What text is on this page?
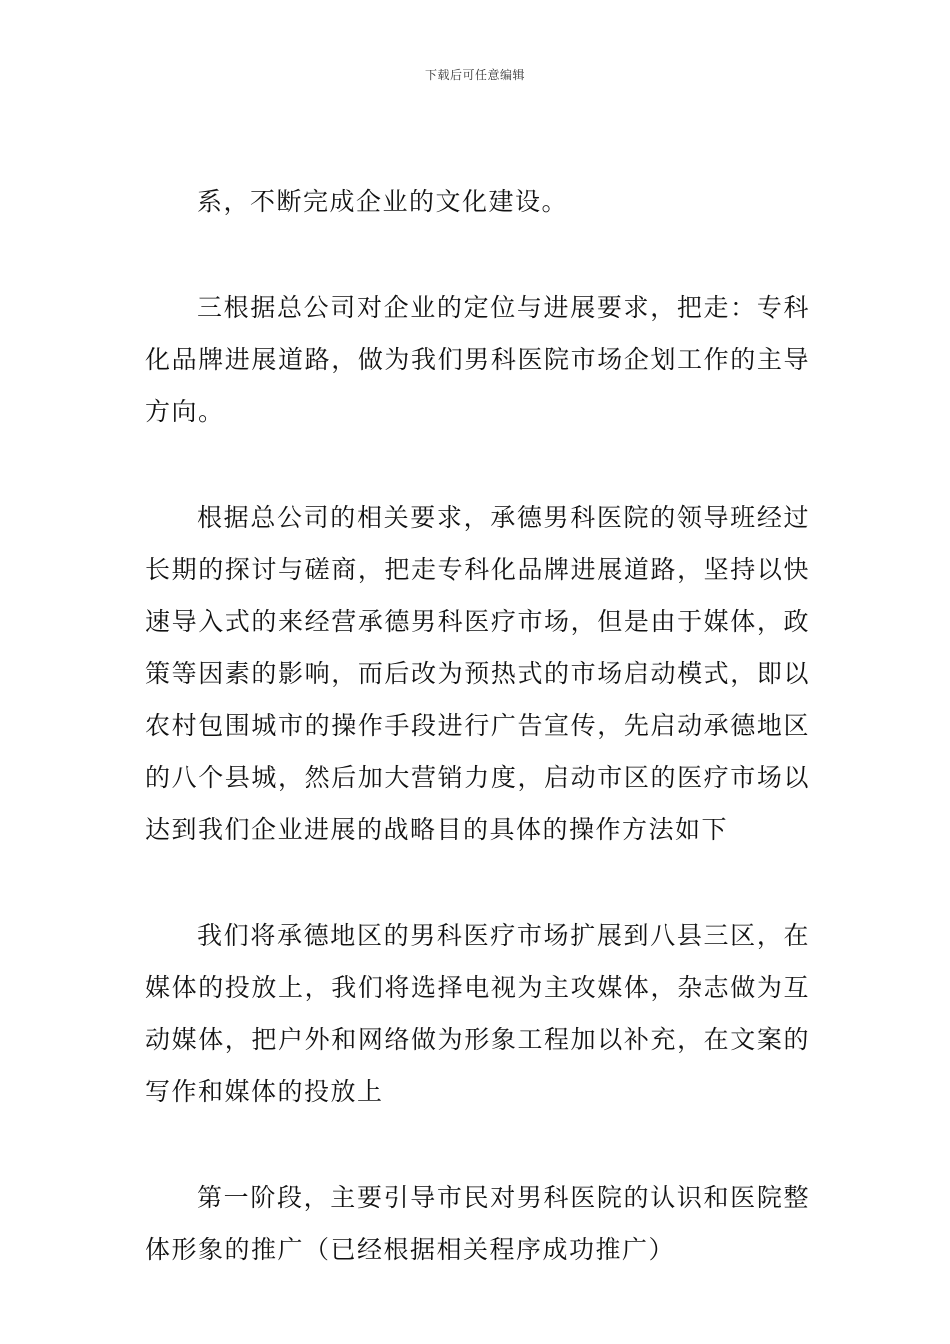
下载后可任意编辑

系，不断完成企业的文化建设。

三根据总公司对企业的定位与进展要求，把走：专科化品牌进展道路，做为我们男科医院市场企划工作的主导方向。

根据总公司的相关要求，承德男科医院的领导班经过长期的探讨与磋商，把走专科化品牌进展道路，坚持以快速导入式的来经营承德男科医疗市场，但是由于媒体，政策等因素的影响，而后改为预热式的市场启动模式，即以农村包围城市的操作手段进行广告宣传，先启动承德地区的八个县城，然后加大营销力度，启动市区的医疗市场以达到我们企业进展的战略目的具体的操作方法如下

我们将承德地区的男科医疗市场扩展到八县三区，在媒体的投放上，我们将选择电视为主攻媒体，杂志做为互动媒体，把户外和网络做为形象工程加以补充，在文案的写作和媒体的投放上

第一阶段，主要引导市民对男科医院的认识和医院整体形象的推广（已经根据相关程序成功推广）
